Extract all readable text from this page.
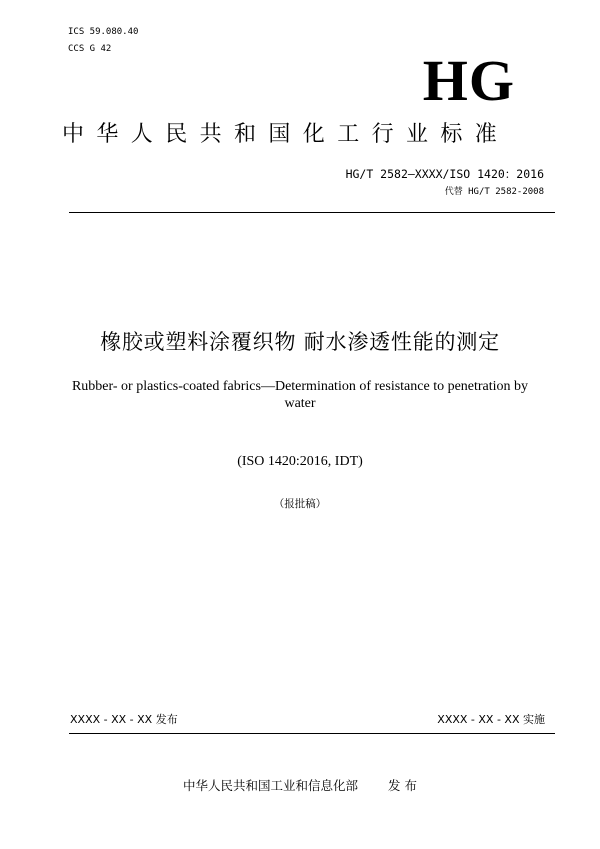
ICS 59.080.40
CCS G 42	HG
中华人民共和国化工行业标准
HG/T 2582—XXXX/ISO 1420：2016
代替 HG/T 2582-2008
橡胶或塑料涂覆织物 耐水渗透性能的测定
Rubber- or plastics-coated fabrics—Determination of resistance to penetration by water
(ISO 1420:2016, IDT)
（报批稿）
XXXX - XX - XX 发布	XXXX - XX - XX 实施
中华人民共和国工业和信息化部 发 布
